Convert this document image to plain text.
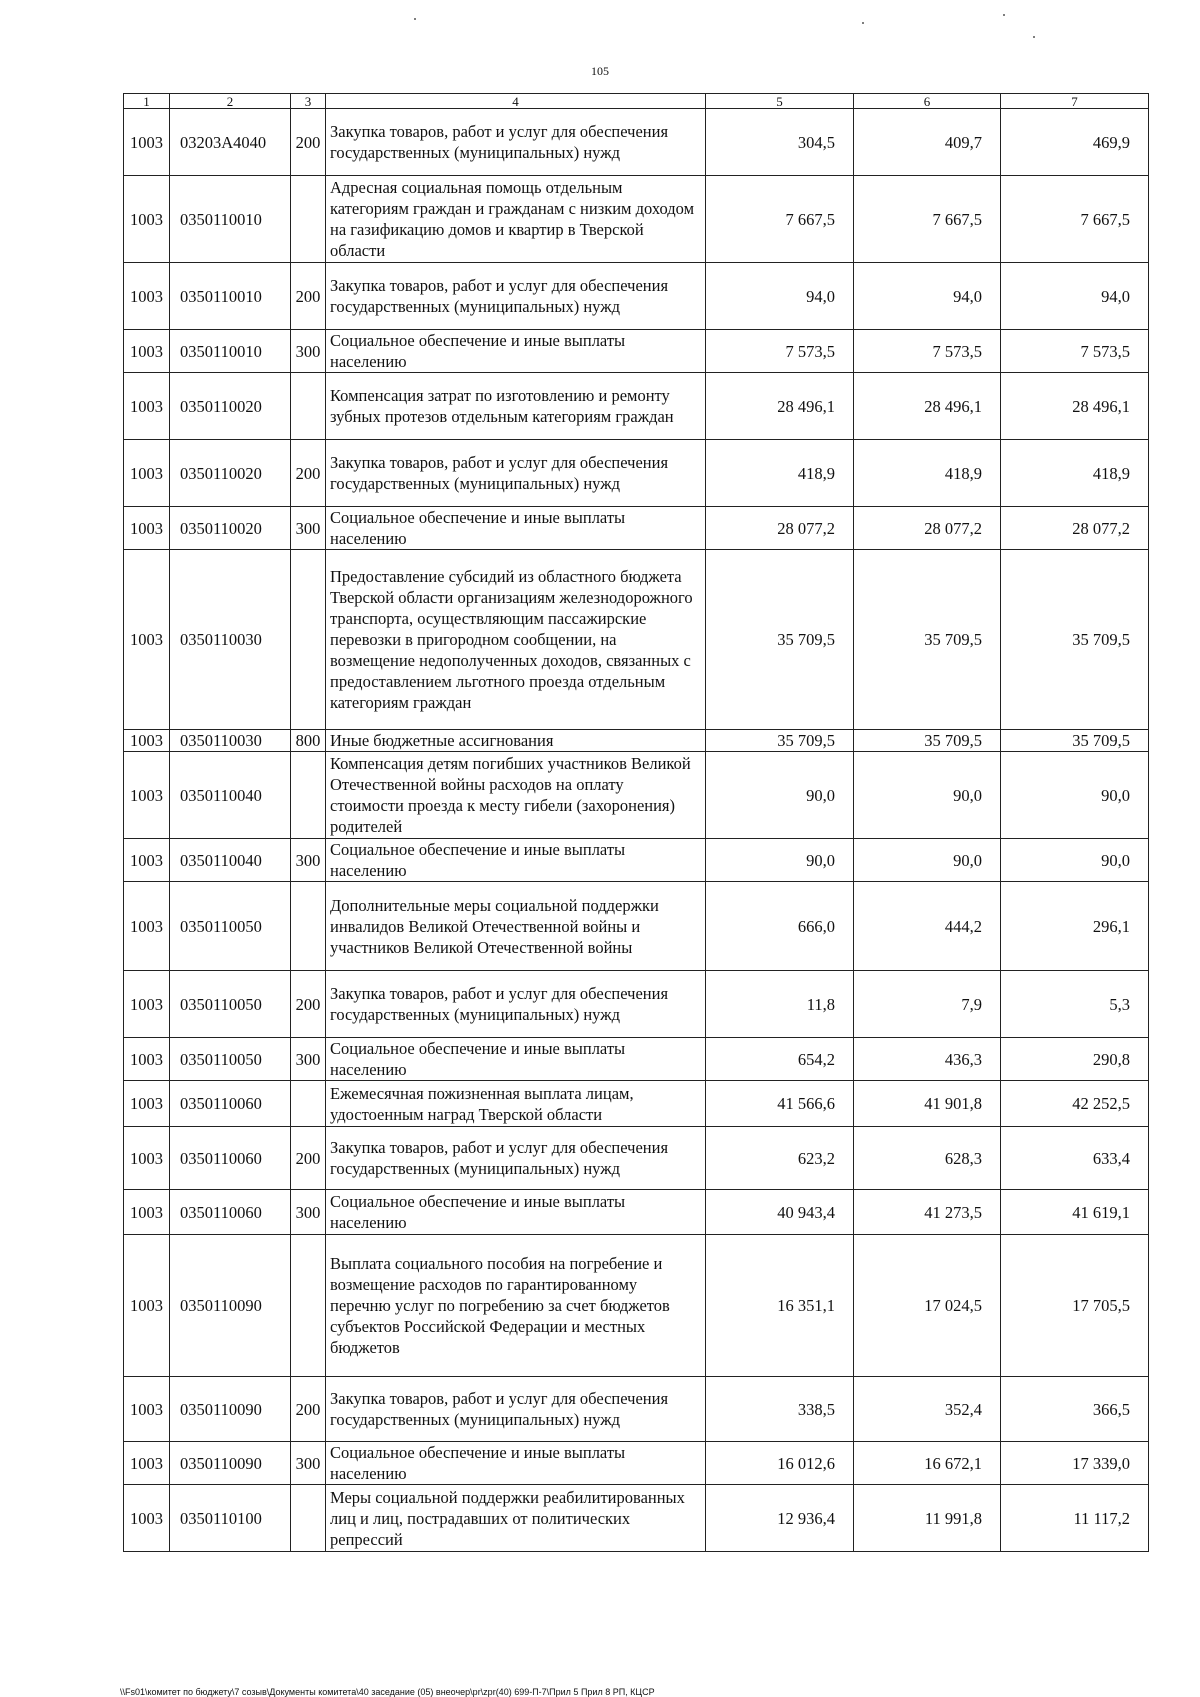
105
1	2	3	4	5	6	7
1003	03203A4040	200	Закупка товаров, работ и услуг для обеспечения государственных (муниципальных) нужд	304,5	409,7	469,9
1003	0350110010		Адресная социальная помощь отдельным категориям граждан и гражданам с низким доходом на газификацию домов и квартир в Тверской области	7 667,5	7 667,5	7 667,5
1003	0350110010	200	Закупка товаров, работ и услуг для обеспечения государственных (муниципальных) нужд	94,0	94,0	94,0
1003	0350110010	300	Социальное обеспечение и иные выплаты населению	7 573,5	7 573,5	7 573,5
1003	0350110020		Компенсация затрат по изготовлению и ремонту зубных протезов отдельным категориям граждан	28 496,1	28 496,1	28 496,1
1003	0350110020	200	Закупка товаров, работ и услуг для обеспечения государственных (муниципальных) нужд	418,9	418,9	418,9
1003	0350110020	300	Социальное обеспечение и иные выплаты населению	28 077,2	28 077,2	28 077,2
1003	0350110030		Предоставление субсидий из областного бюджета Тверской области организациям железнодорожного транспорта, осуществляющим пассажирские перевозки в пригородном сообщении, на возмещение недополученных доходов, связанных с предоставлением льготного проезда отдельным категориям граждан	35 709,5	35 709,5	35 709,5
1003	0350110030	800	Иные бюджетные ассигнования	35 709,5	35 709,5	35 709,5
1003	0350110040		Компенсация детям погибших участников Великой Отечественной войны расходов на оплату стоимости проезда к месту гибели (захоронения) родителей	90,0	90,0	90,0
1003	0350110040	300	Социальное обеспечение и иные выплаты населению	90,0	90,0	90,0
1003	0350110050		Дополнительные меры социальной поддержки инвалидов Великой Отечественной войны и участников Великой Отечественной войны	666,0	444,2	296,1
1003	0350110050	200	Закупка товаров, работ и услуг для обеспечения государственных (муниципальных) нужд	11,8	7,9	5,3
1003	0350110050	300	Социальное обеспечение и иные выплаты населению	654,2	436,3	290,8
1003	0350110060		Ежемесячная пожизненная выплата лицам, удостоенным наград Тверской области	41 566,6	41 901,8	42 252,5
1003	0350110060	200	Закупка товаров, работ и услуг для обеспечения государственных (муниципальных) нужд	623,2	628,3	633,4
1003	0350110060	300	Социальное обеспечение и иные выплаты населению	40 943,4	41 273,5	41 619,1
1003	0350110090		Выплата социального пособия на погребение и возмещение расходов по гарантированному перечню услуг по погребению за счет бюджетов субъектов Российской Федерации и местных бюджетов	16 351,1	17 024,5	17 705,5
1003	0350110090	200	Закупка товаров, работ и услуг для обеспечения государственных (муниципальных) нужд	338,5	352,4	366,5
1003	0350110090	300	Социальное обеспечение и иные выплаты населению	16 012,6	16 672,1	17 339,0
1003	0350110100		Меры социальной поддержки реабилитированных лиц и лиц, пострадавших от политических репрессий	12 936,4	11 991,8	11 117,2
\\Fs01\комитет по бюджету\7 созыв\Документы комитета\40 заседание (05) внеочер\pr\zpr(40) 699-П-7\Прил 5 Прил 8 РП, КЦСР
